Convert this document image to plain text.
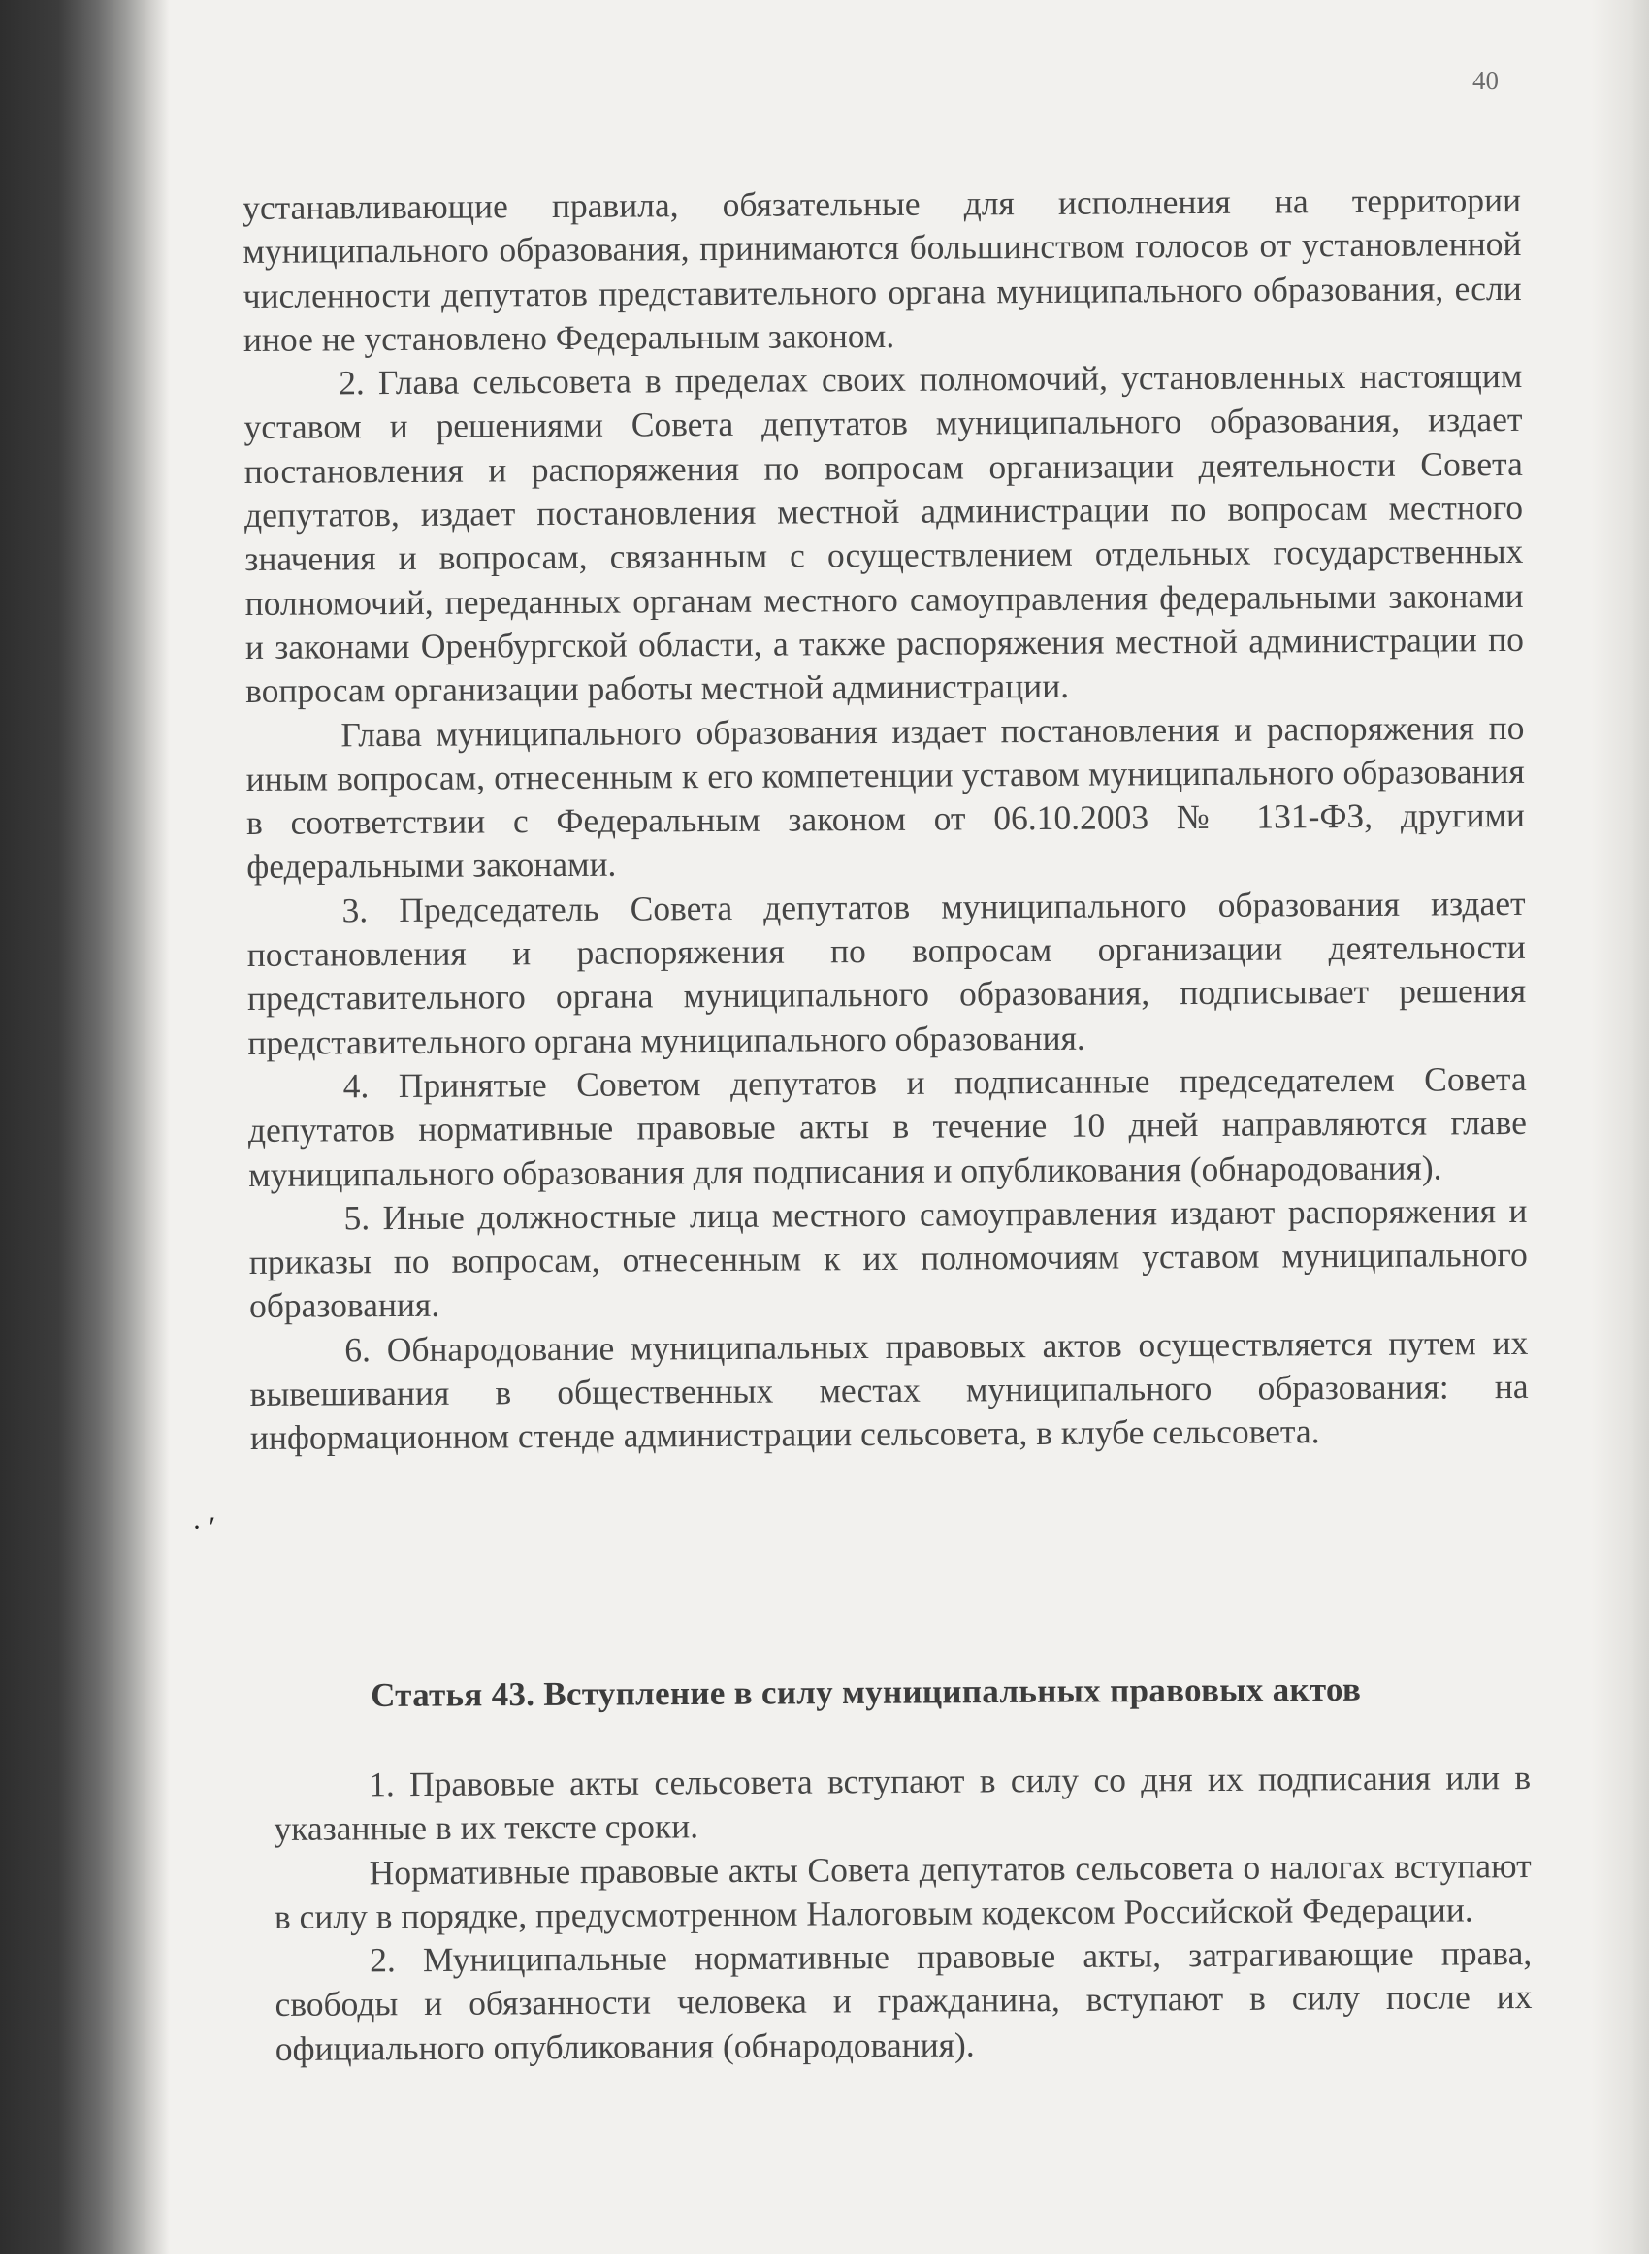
40

устанавливающие правила, обязательные для исполнения на территории муниципального образования, принимаются большинством голосов от установленной численности депутатов представительного органа муниципального образования, если иное не установлено Федеральным законом.

2. Глава сельсовета в пределах своих полномочий, установленных настоящим уставом и решениями Совета депутатов муниципального образования, издает постановления и распоряжения по вопросам организации деятельности Совета депутатов, издает постановления местной администрации по вопросам местного значения и вопросам, связанным с осуществлением отдельных государственных полномочий, переданных органам местного самоуправления федеральными законами и законами Оренбургской области, а также распоряжения местной администрации по вопросам организации работы местной администрации.

Глава муниципального образования издает постановления и распоряжения по иным вопросам, отнесенным к его компетенции уставом муниципального образования в соответствии с Федеральным законом от 06.10.2003 № 131-ФЗ, другими федеральными законами.

3. Председатель Совета депутатов муниципального образования издает постановления и распоряжения по вопросам организации деятельности представительного органа муниципального образования, подписывает решения представительного органа муниципального образования.

4. Принятые Советом депутатов и подписанные председателем Совета депутатов нормативные правовые акты в течение 10 дней направляются главе муниципального образования для подписания и опубликования (обнародования).

5. Иные должностные лица местного самоуправления издают распоряжения и приказы по вопросам, отнесенным к их полномочиям уставом муниципального образования.

6. Обнародование муниципальных правовых актов осуществляется путем их вывешивания в общественных местах муниципального образования: на информационном стенде администрации сельсовета, в клубе сельсовета.

· ′
Статья 43. Вступление в силу муниципальных правовых актов

1. Правовые акты сельсовета вступают в силу со дня их подписания или в указанные в их тексте сроки.

Нормативные правовые акты Совета депутатов сельсовета о налогах вступают в силу в порядке, предусмотренном Налоговым кодексом Российской Федерации.

2. Муниципальные нормативные правовые акты, затрагивающие права, свободы и обязанности человека и гражданина, вступают в силу после их официального опубликования (обнародования).
